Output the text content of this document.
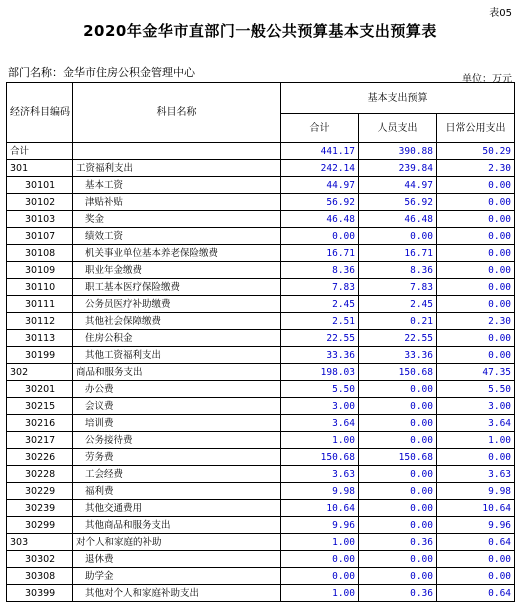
表05
2020年金华市直部门一般公共预算基本支出预算表
部门名称：金华市住房公积金管理中心
单位：万元
经济科目编码	科目名称	基本支出预算		
		合计	人员支出	日常公用支出
合计		441.17	390.88	50.29
301	工资福利支出	242.14	239.84	2.30
30101	基本工资	44.97	44.97	0.00
30102	津贴补贴	56.92	56.92	0.00
30103	奖金	46.48	46.48	0.00
30107	绩效工资	0.00	0.00	0.00
30108	机关事业单位基本养老保险缴费	16.71	16.71	0.00
30109	职业年金缴费	8.36	8.36	0.00
30110	职工基本医疗保险缴费	7.83	7.83	0.00
30111	公务员医疗补助缴费	2.45	2.45	0.00
30112	其他社会保障缴费	2.51	0.21	2.30
30113	住房公积金	22.55	22.55	0.00
30199	其他工资福利支出	33.36	33.36	0.00
302	商品和服务支出	198.03	150.68	47.35
30201	办公费	5.50	0.00	5.50
30215	会议费	3.00	0.00	3.00
30216	培训费	3.64	0.00	3.64
30217	公务接待费	1.00	0.00	1.00
30226	劳务费	150.68	150.68	0.00
30228	工会经费	3.63	0.00	3.63
30229	福利费	9.98	0.00	9.98
30239	其他交通费用	10.64	0.00	10.64
30299	其他商品和服务支出	9.96	0.00	9.96
303	对个人和家庭的补助	1.00	0.36	0.64
30302	退休费	0.00	0.00	0.00
30308	助学金	0.00	0.00	0.00
30399	其他对个人和家庭补助支出	1.00	0.36	0.64
